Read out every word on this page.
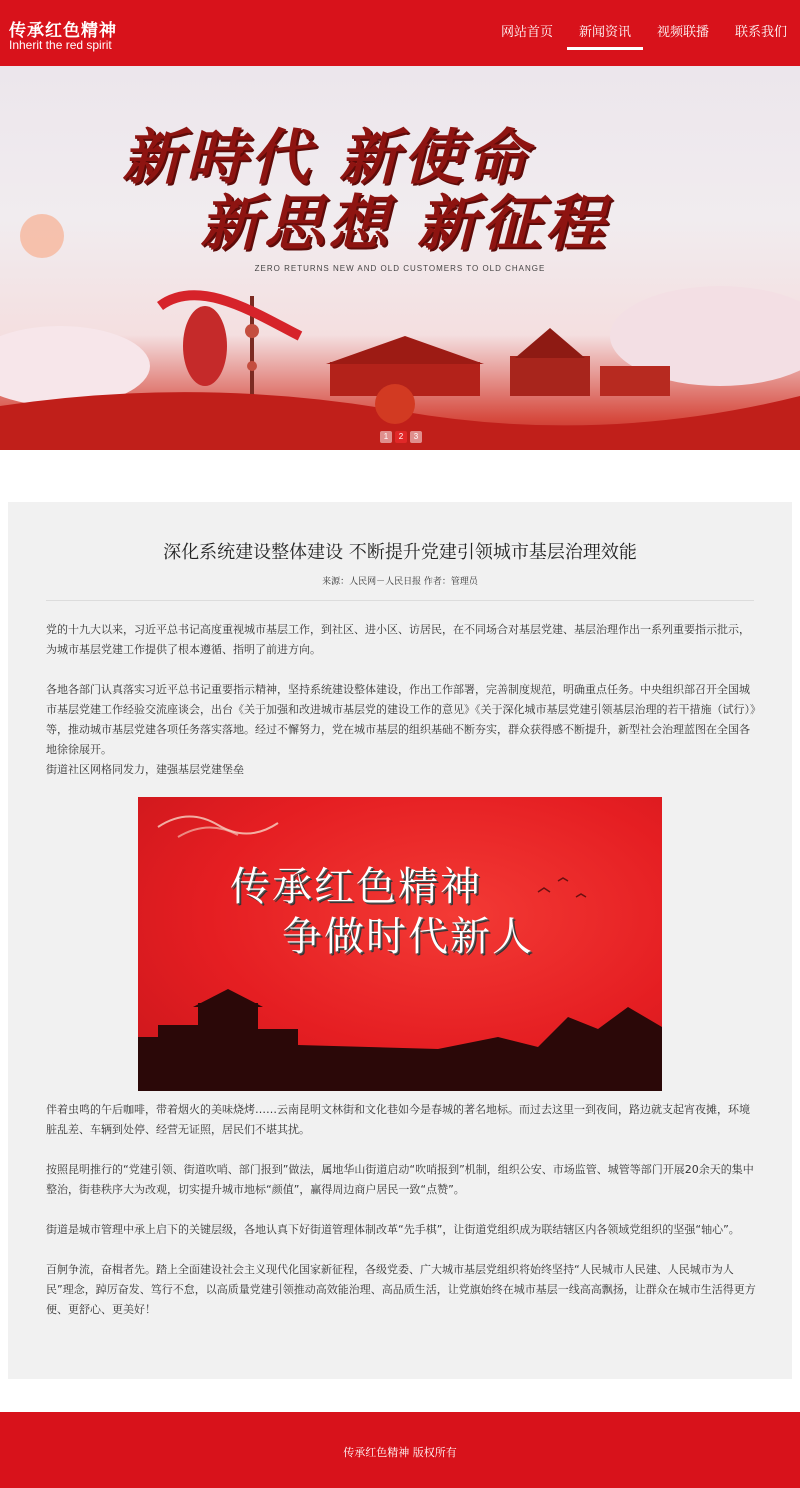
传承红色精神
Inherit the red spirit
网站首页 新闻资讯 视频联播 联系我们
新時代 新使命
新思想 新征程
ZERO RETURNS NEW AND OLD CUSTOMERS TO OLD CHANGE
1	2	3
深化系统建设整体建设 不断提升党建引领城市基层治理效能
来源：人民网－人民日报 作者：管理员

党的十九大以来，习近平总书记高度重视城市基层工作，到社区、进小区、访居民，在不同场合对基层党建、基层治理作出一系列重要指示批示，为城市基层党建工作提供了根本遵循、指明了前进方向。

各地各部门认真落实习近平总书记重要指示精神，坚持系统建设整体建设，作出工作部署，完善制度规范，明确重点任务。中央组织部召开全国城市基层党建工作经验交流座谈会，出台《关于加强和改进城市基层党的建设工作的意见》《关于深化城市基层党建引领基层治理的若干措施（试行）》等，推动城市基层党建各项任务落实落地。经过不懈努力，党在城市基层的组织基础不断夯实，群众获得感不断提升，新型社会治理蓝图在全国各地徐徐展开。

街道社区网格同发力，建强基层党建堡垒

传承红色精神
争做时代新人

伴着虫鸣的午后咖啡，带着烟火的美味烧烤……云南昆明文林街和文化巷如今是春城的著名地标。而过去这里一到夜间，路边就支起宵夜摊，环境脏乱差、车辆到处停、经营无证照，居民们不堪其扰。

按照昆明推行的“党建引领、街道吹哨、部门报到”做法，属地华山街道启动“吹哨报到”机制，组织公安、市场监管、城管等部门开展20余天的集中整治，街巷秩序大为改观，切实提升城市地标“颜值”，赢得周边商户居民一致“点赞”。

街道是城市管理中承上启下的关键层级，各地认真下好街道管理体制改革“先手棋”，让街道党组织成为联结辖区内各领域党组织的坚强“轴心”。

百舸争流，奋楫者先。踏上全面建设社会主义现代化国家新征程，各级党委、广大城市基层党组织将始终坚持“人民城市人民建、人民城市为人民”理念，踔厉奋发、笃行不怠，以高质量党建引领推动高效能治理、高品质生活，让党旗始终在城市基层一线高高飘扬，让群众在城市生活得更方便、更舒心、更美好！

传承红色精神 版权所有
